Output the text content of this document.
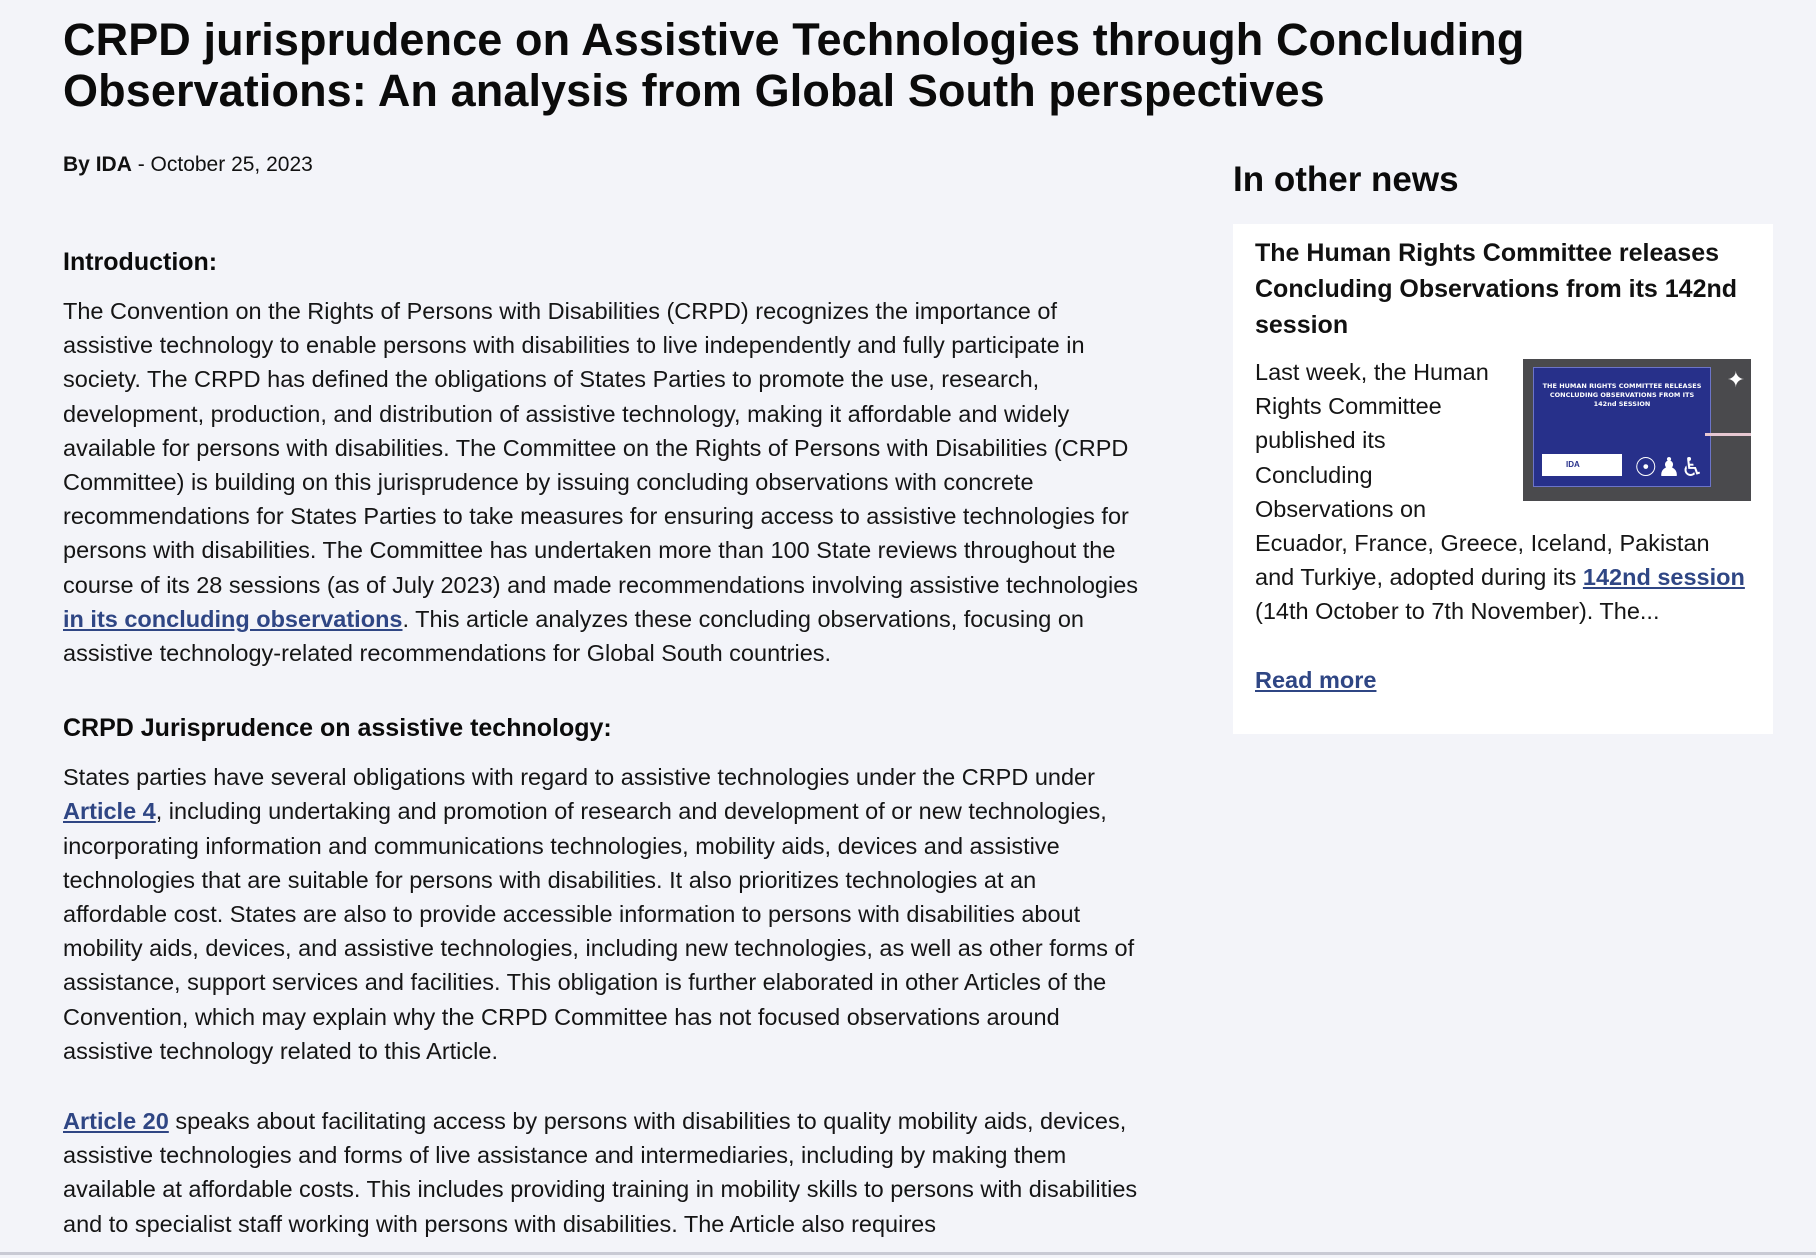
CRPD jurisprudence on Assistive Technologies through Concluding Observations: An analysis from Global South perspectives
By IDA - October 25, 2023
Introduction:

The Convention on the Rights of Persons with Disabilities (CRPD) recognizes the importance of assistive technology to enable persons with disabilities to live independently and fully participate in society. The CRPD has defined the obligations of States Parties to promote the use, research, development, production, and distribution of assistive technology, making it affordable and widely available for persons with disabilities. The Committee on the Rights of Persons with Disabilities (CRPD Committee) is building on this jurisprudence by issuing concluding observations with concrete recommendations for States Parties to take measures for ensuring access to assistive technologies for persons with disabilities. The Committee has undertaken more than 100 State reviews throughout the course of its 28 sessions (as of July 2023) and made recommendations involving assistive technologies in its concluding observations. This article analyzes these concluding observations, focusing on assistive technology-related recommendations for Global South countries.

CRPD Jurisprudence on assistive technology:

States parties have several obligations with regard to assistive technologies under the CRPD under Article 4, including undertaking and promotion of research and development of or new technologies, incorporating information and communications technologies, mobility aids, devices and assistive technologies that are suitable for persons with disabilities. It also prioritizes technologies at an affordable cost. States are also to provide accessible information to persons with disabilities about mobility aids, devices, and assistive technologies, including new technologies, as well as other forms of assistance, support services and facilities. This obligation is further elaborated in other Articles of the Convention, which may explain why the CRPD Committee has not focused observations around assistive technology related to this Article.

Article 20 speaks about facilitating access by persons with disabilities to quality mobility aids, devices, assistive technologies and forms of live assistance and intermediaries, including by making them available at affordable costs. This includes providing training in mobility skills to persons with disabilities and to specialist staff working with persons with disabilities. The Article also requires

In other news
The Human Rights Committee releases Concluding Observations from its 142nd session
THE HUMAN RIGHTS COMMITTEE RELEASES CONCLUDING OBSERVATIONS FROM ITS 142nd SESSION
IDA	☉♟♿
✦
Last week, the Human Rights Committee published its Concluding Observations on Ecuador, France, Greece, Iceland, Pakistan and Turkiye, adopted during its 142nd session (14th October to 7th November). The...
Read more
